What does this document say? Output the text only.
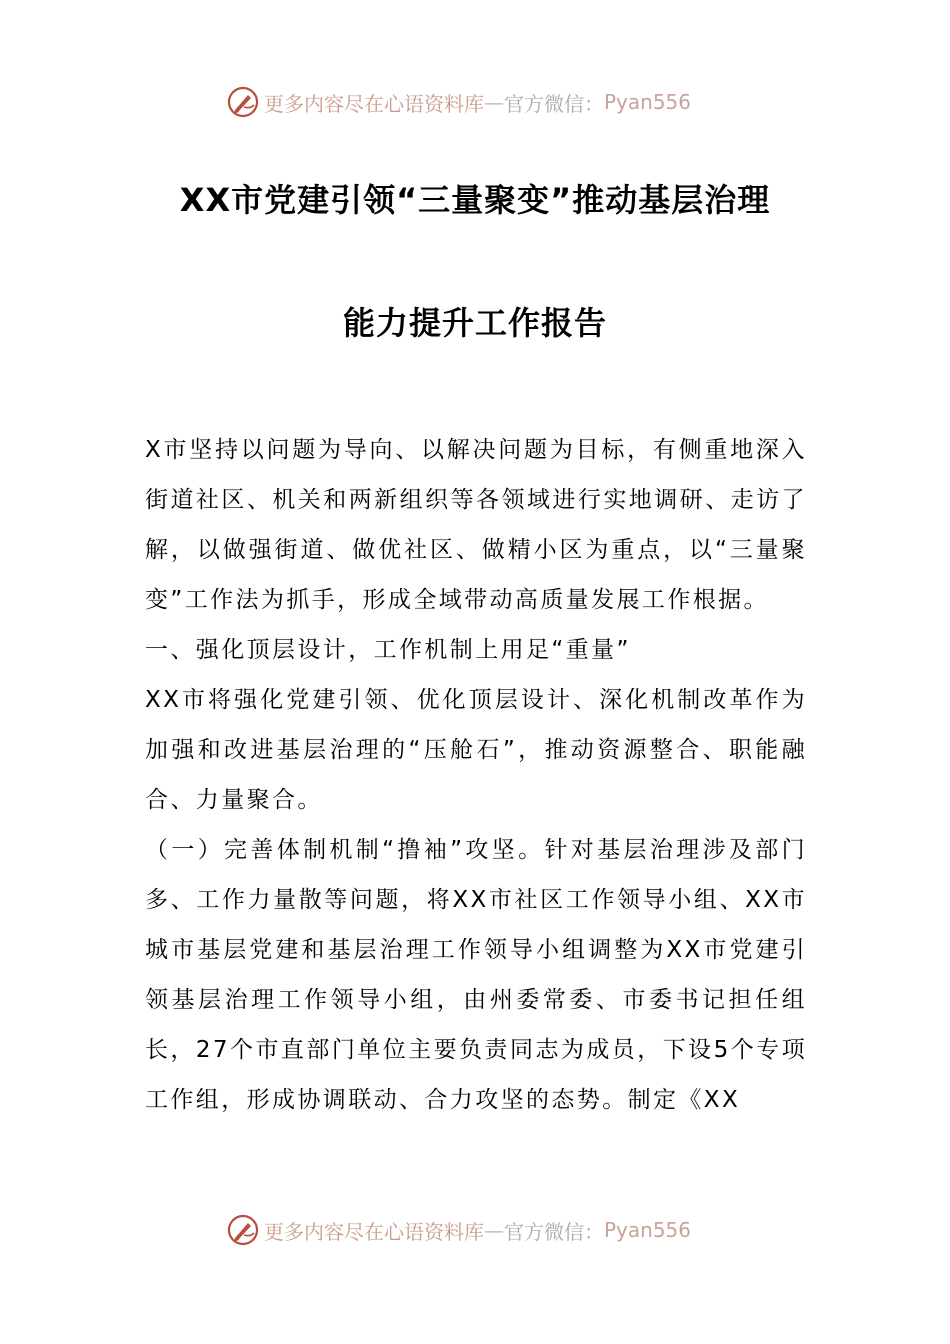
更多内容尽在心语资料库 — 官方微信： Pyan556
XX市党建引领“三量聚变”推动基层治理
能力提升工作报告

X市坚持以问题为导向、以解决问题为目标，有侧重地深入街道社区、机关和两新组织等各领域进行实地调研、走访了解，以做强街道、做优社区、做精小区为重点，以“三量聚变”工作法为抓手，形成全域带动高质量发展工作根据。

一、强化顶层设计，工作机制上用足“重量”

XX市将强化党建引领、优化顶层设计、深化机制改革作为加强和改进基层治理的“压舱石”，推动资源整合、职能融合、力量聚合。

（一）完善体制机制“撸袖”攻坚。针对基层治理涉及部门多、工作力量散等问题，将XX市社区工作领导小组、XX市城市基层党建和基层治理工作领导小组调整为XX市党建引领基层治理工作领导小组，由州委常委、市委书记担任组长，27个市直部门单位主要负责同志为成员，下设5个专项工作组，形成协调联动、合力攻坚的态势。制定《XX

更多内容尽在心语资料库 — 官方微信： Pyan556
